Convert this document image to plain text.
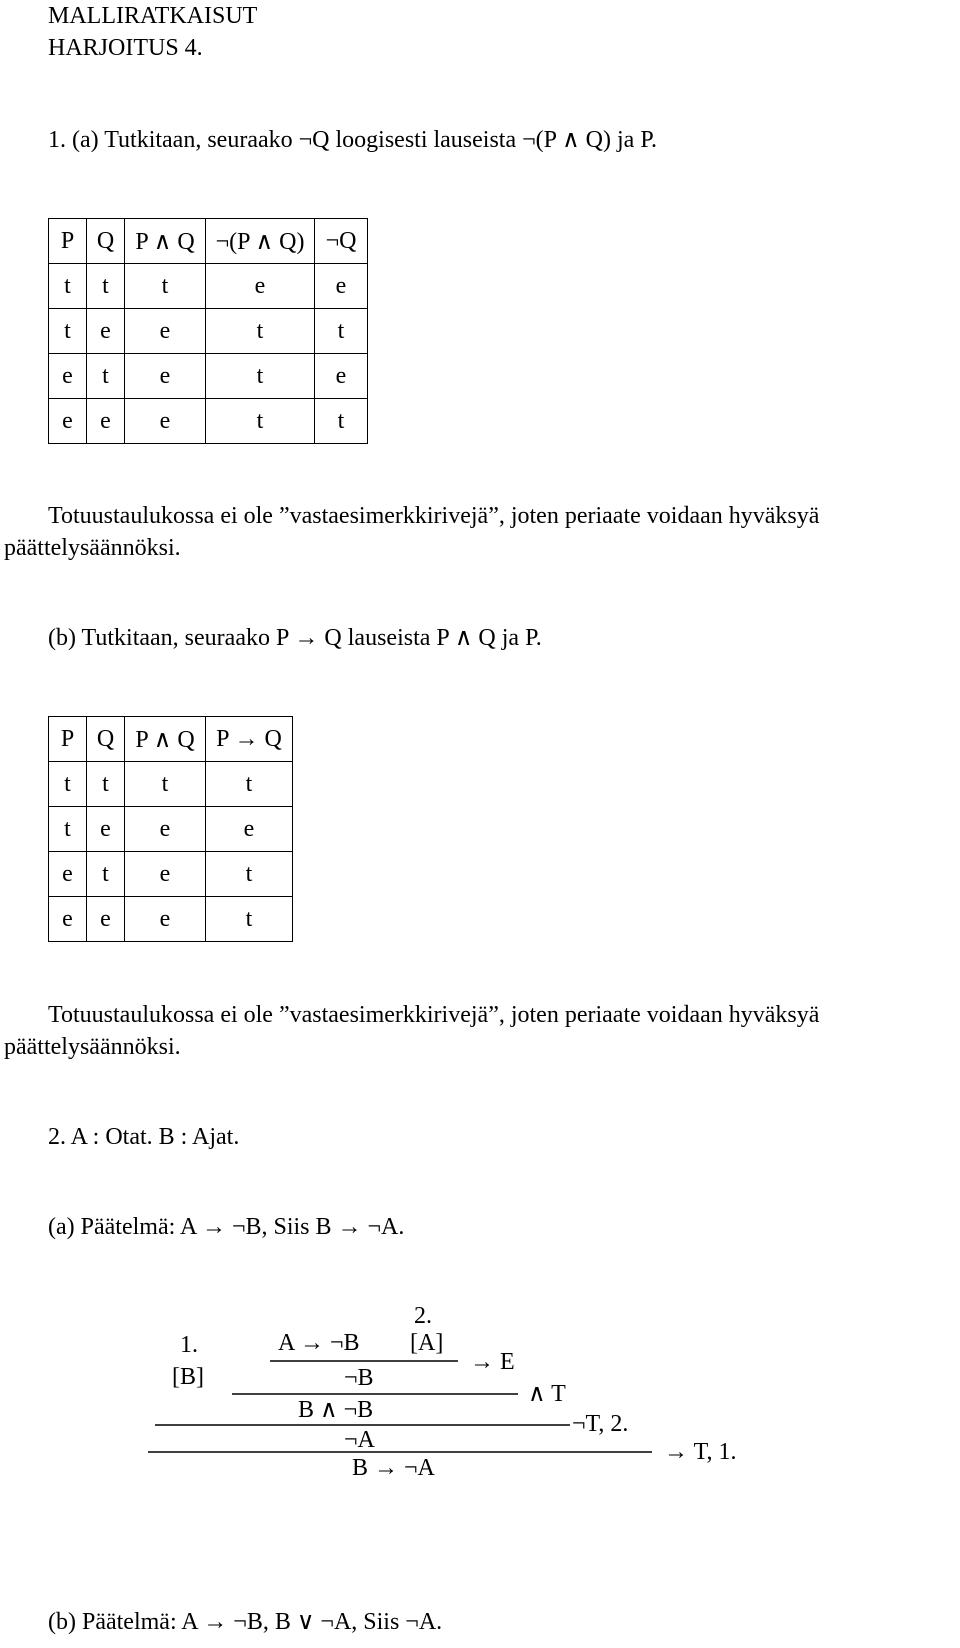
MALLIRATKAISUT
HARJOITUS 4.
1. (a) Tutkitaan, seuraako ¬Q loogisesti lauseista ¬(P ∧ Q) ja P.
P	Q	P ∧ Q	¬(P ∧ Q)	¬Q
t	t	t	e	e
t	e	e	t	t
e	t	e	t	e
e	e	e	t	t
Totuustaulukossa ei ole ”vastaesimerkkirivejä”, joten periaate voidaan hyväksyä
päättelysäännöksi.
(b) Tutkitaan, seuraako P → Q lauseista P ∧ Q ja P.
P	Q	P ∧ Q	P → Q
t	t	t	t
t	e	e	e
e	t	e	t
e	e	e	t
Totuustaulukossa ei ole ”vastaesimerkkirivejä”, joten periaate voidaan hyväksyä
päättelysäännöksi.
2. A : Otat. B : Ajat.
(a) Päätelmä: A → ¬B, Siis B → ¬A.
2.
1.	A → ¬B [A]
[B]
→ E
¬B
∧ T
B ∧ ¬B
¬T, 2.
¬A	→ T, 1.
B → ¬A
(b) Päätelmä: A → ¬B, B ∨ ¬A, Siis ¬A.
